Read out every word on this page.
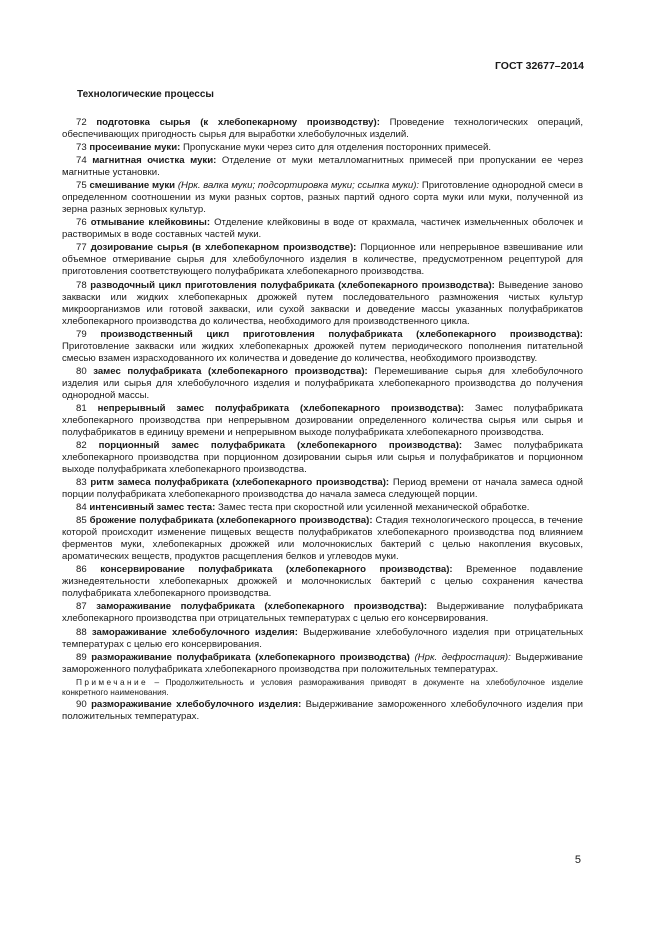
ГОСТ 32677–2014
Технологические процессы

72 подготовка сырья (к хлебопекарному производству): Проведение технологических операций, обеспечивающих пригодность сырья для выработки хлебобулочных изделий.

73 просеивание муки: Пропускание муки через сито для отделения посторонних примесей.

74 магнитная очистка муки: Отделение от муки металломагнитных примесей при пропускании ее через магнитные установки.

75 смешивание муки (Нрк. валка муки; подсортировка муки; ссыпка муки): Приготовление однородной смеси в определенном соотношении из муки разных сортов, разных партий одного сорта муки или муки, полученной из зерна разных зерновых культур.

76 отмывание клейковины: Отделение клейковины в воде от крахмала, частичек измельченных оболочек и растворимых в воде составных частей муки.

77 дозирование сырья (в хлебопекарном производстве): Порционное или непрерывное взвешивание или объемное отмеривание сырья для хлебобулочного изделия в количестве, предусмотренном рецептурой для приготовления соответствующего полуфабриката хлебопекарного производства.

78 разводочный цикл приготовления полуфабриката (хлебопекарного производства): Выведение заново закваски или жидких хлебопекарных дрожжей путем последовательного размножения чистых культур микроорганизмов или готовой закваски, или сухой закваски и доведение массы указанных полуфабрикатов хлебопекарного производства до количества, необходимого для производственного цикла.

79 производственный цикл приготовления полуфабриката (хлебопекарного производства): Приготовление закваски или жидких хлебопекарных дрожжей путем периодического пополнения питательной смесью взамен израсходованного их количества и доведение до количества, необходимого производству.

80 замес полуфабриката (хлебопекарного производства): Перемешивание сырья для хлебобулочного изделия или сырья для хлебобулочного изделия и полуфабриката хлебопекарного производства до получения однородной массы.

81 непрерывный замес полуфабриката (хлебопекарного производства): Замес полуфабриката хлебопекарного производства при непрерывном дозировании определенного количества сырья или сырья и полуфабрикатов в единицу времени и непрерывном выходе полуфабриката хлебопекарного производства.

82 порционный замес полуфабриката (хлебопекарного производства): Замес полуфабриката хлебопекарного производства при порционном дозировании сырья или сырья и полуфабрикатов и порционном выходе полуфабриката хлебопекарного производства.

83 ритм замеса полуфабриката (хлебопекарного производства): Период времени от начала замеса одной порции полуфабриката хлебопекарного производства до начала замеса следующей порции.

84 интенсивный замес теста: Замес теста при скоростной или усиленной механической обработке.

85 брожение полуфабриката (хлебопекарного производства): Стадия технологического процесса, в течение которой происходит изменение пищевых веществ полуфабрикатов хлебопекарного производства под влиянием ферментов муки, хлебопекарных дрожжей или молочнокислых бактерий с целью накопления вкусовых, ароматических веществ, продуктов расщепления белков и углеводов муки.

86 консервирование полуфабриката (хлебопекарного производства): Временное подавление жизнедеятельности хлебопекарных дрожжей и молочнокислых бактерий с целью сохранения качества полуфабриката хлебопекарного производства.

87 замораживание полуфабриката (хлебопекарного производства): Выдерживание полуфабриката хлебопекарного производства при отрицательных температурах с целью его консервирования.

88 замораживание хлебобулочного изделия: Выдерживание хлебобулочного изделия при отрицательных температурах с целью его консервирования.

89 размораживание полуфабриката (хлебопекарного производства) (Нрк. дефростация): Выдерживание замороженного полуфабриката хлебопекарного производства при положительных температурах.

Примечание – Продолжительность и условия размораживания приводят в документе на хлебобулочное изделие конкретного наименования.

90 размораживание хлебобулочного изделия: Выдерживание замороженного хлебобулочного изделия при положительных температурах.

5
